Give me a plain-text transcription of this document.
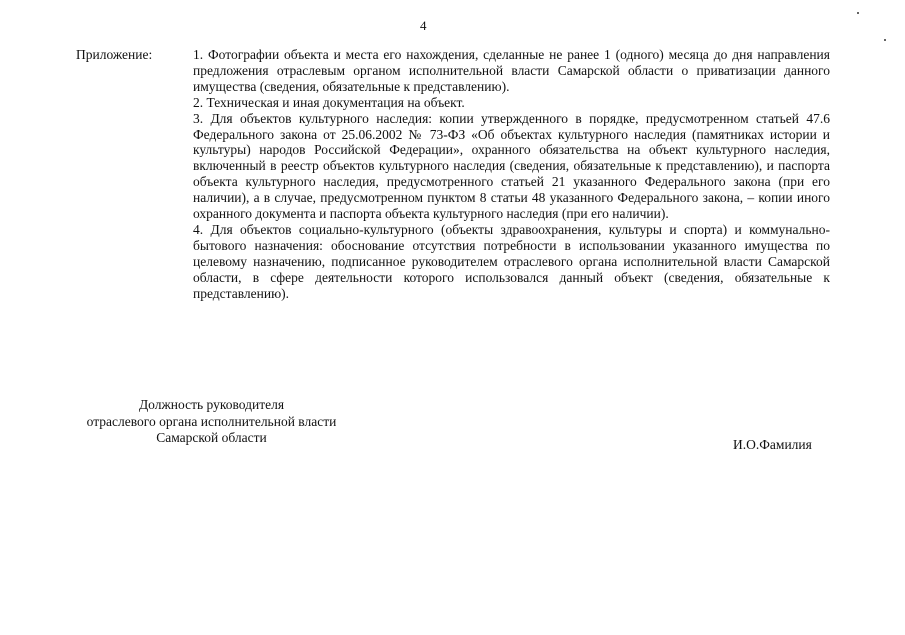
4
Приложение:	1. Фотографии объекта и места его нахождения, сделанные не ранее 1 (одного) месяца до дня направления предложения отраслевым органом исполнительной власти Самарской области о приватизации данного имущества (сведения, обязательные к представлению).
2. Техническая и иная документация на объект.
3. Для объектов культурного наследия: копии утвержденного в порядке, предусмотренном статьей 47.6 Федерального закона от 25.06.2002 № 73-ФЗ «Об объектах культурного наследия (памятниках истории и культуры) народов Российской Федерации», охранного обязательства на объект культурного наследия, включенный в реестр объектов культурного наследия (сведения, обязательные к представлению), и паспорта объекта культурного наследия, предусмотренного статьей 21 указанного Федерального закона (при его наличии), а в случае, предусмотренном пунктом 8 статьи 48 указанного Федерального закона, – копии иного охранного документа и паспорта объекта культурного наследия (при его наличии).
4. Для объектов социально-культурного (объекты здравоохранения, культуры и спорта) и коммунально-бытового назначения: обоснование отсутствия потребности в использовании указанного имущества по целевому назначению, подписанное руководителем отраслевого органа исполнительной власти Самарской области, в сфере деятельности которого использовался данный объект (сведения, обязательные к представлению).
Должность руководителя
отраслевого органа исполнительной власти
Самарской области	И.О.Фамилия
